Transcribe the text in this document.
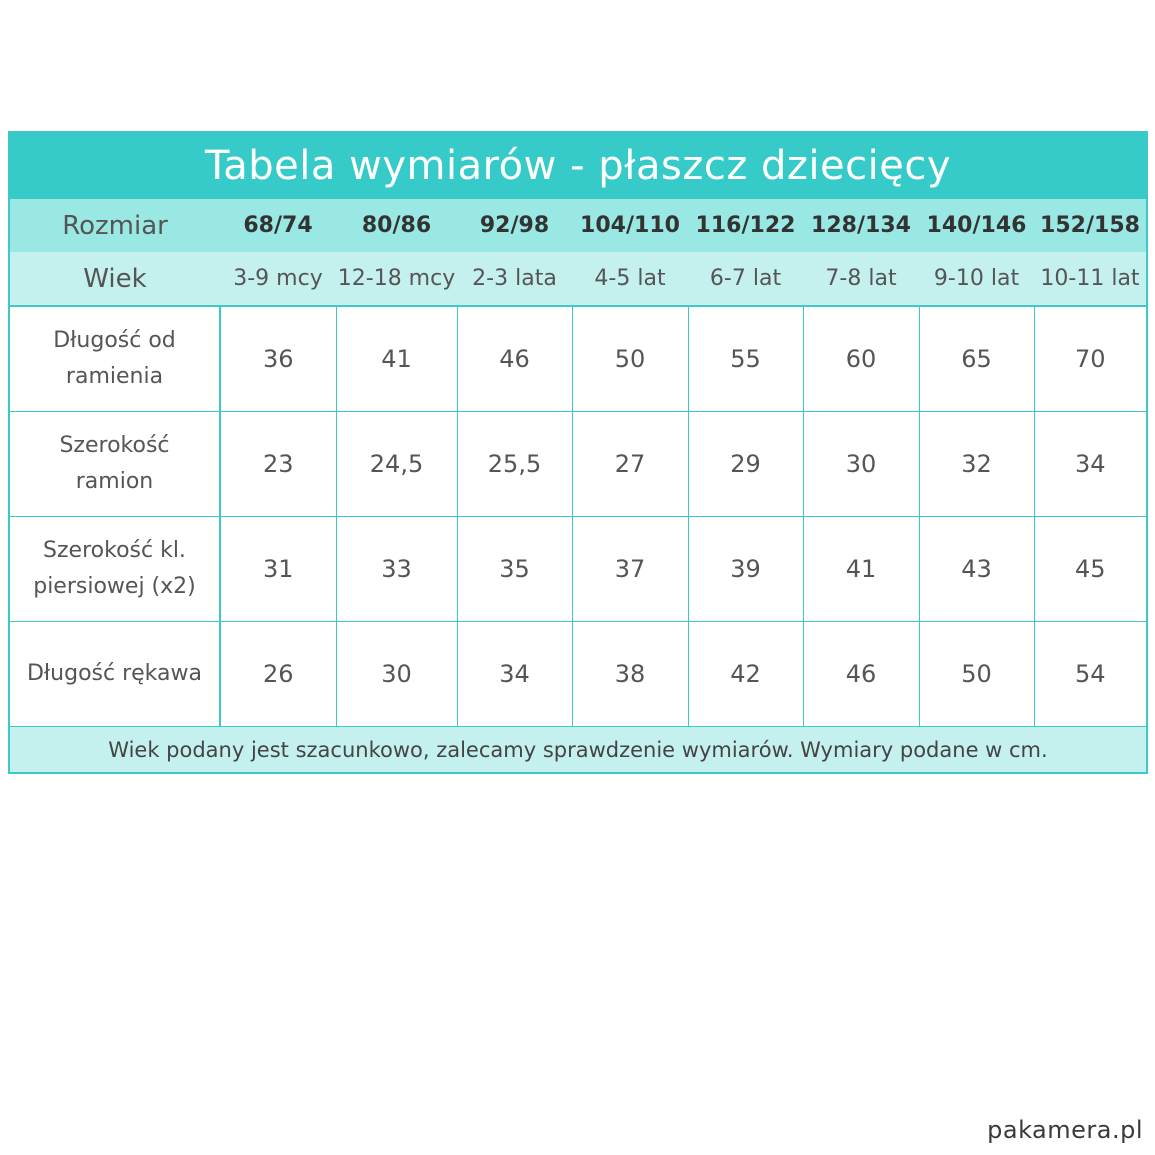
Tabela wymiarów - płaszcz dziecięcy
Rozmiar	68/74	80/86	92/98	104/110	116/122	128/134	140/146	152/158
Wiek	3-9 mcy	12-18 mcy	2-3 lata	4-5 lat	6-7 lat	7-8 lat	9-10 lat	10-11 lat
Długość od
ramienia	36	41	46	50	55	60	65	70
Szerokość
ramion	23	24,5	25,5	27	29	30	32	34
Szerokość kl.
piersiowej (x2)	31	33	35	37	39	41	43	45
Długość rękawa	26	30	34	38	42	46	50	54
Wiek podany jest szacunkowo, zalecamy sprawdzenie wymiarów. Wymiary podane w cm.								
pakamera.pl
